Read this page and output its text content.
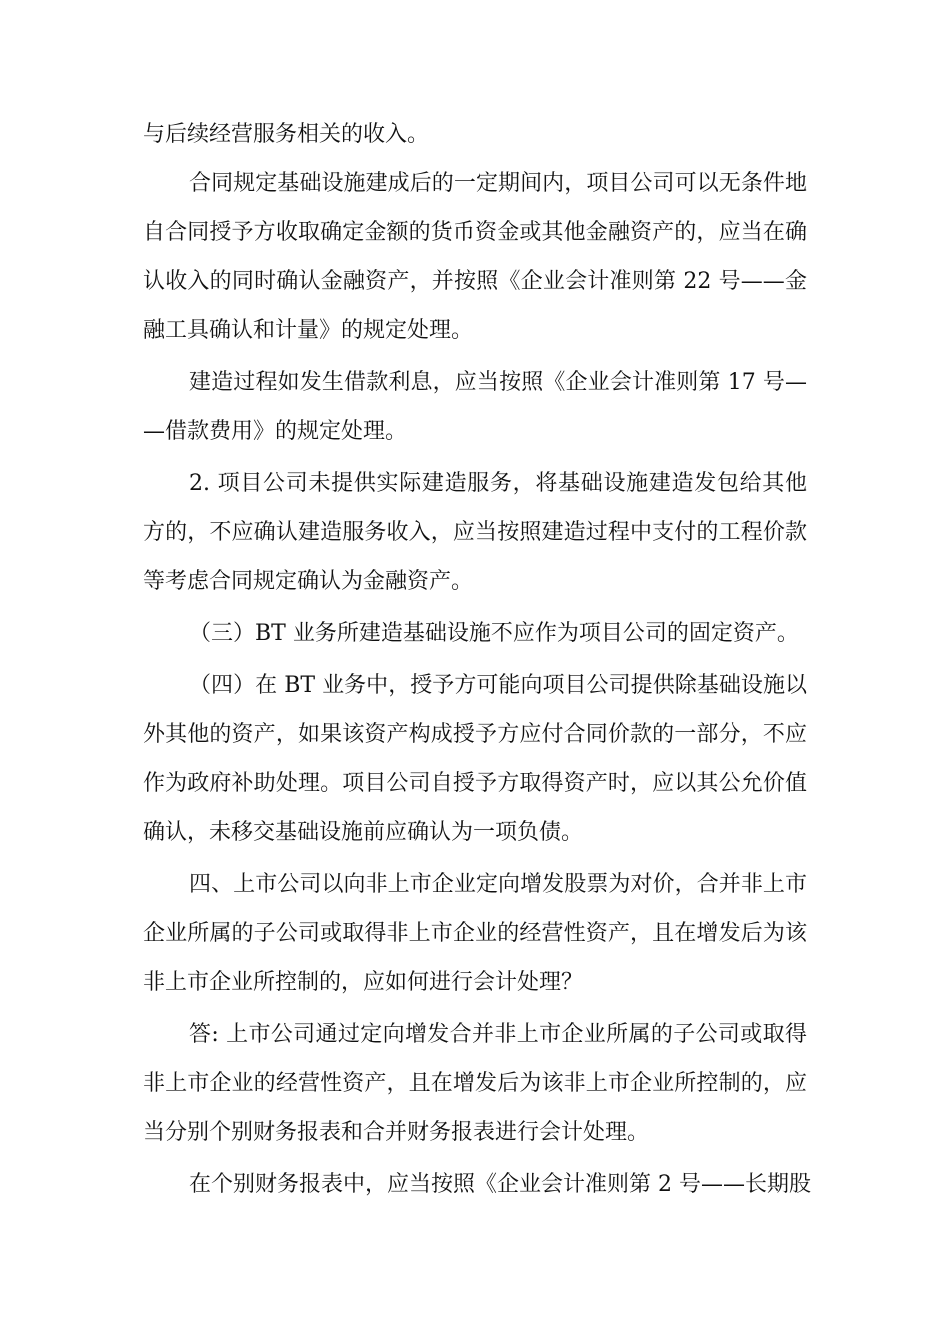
与后续经营服务相关的收入。
合同规定基础设施建成后的一定期间内，项目公司可以无条件地
自合同授予方收取确定金额的货币资金或其他金融资产的，应当在确
认收入的同时确认金融资产，并按照《企业会计准则第 22 号——金
融工具确认和计量》的规定处理。
建造过程如发生借款利息，应当按照《企业会计准则第 17 号—
—借款费用》的规定处理。
2. 项目公司未提供实际建造服务，将基础设施建造发包给其他
方的，不应确认建造服务收入，应当按照建造过程中支付的工程价款
等考虑合同规定确认为金融资产。
（三）BT 业务所建造基础设施不应作为项目公司的固定资产。
（四）在 BT 业务中，授予方可能向项目公司提供除基础设施以
外其他的资产，如果该资产构成授予方应付合同价款的一部分，不应
作为政府补助处理。项目公司自授予方取得资产时，应以其公允价值
确认，未移交基础设施前应确认为一项负债。
四、上市公司以向非上市企业定向增发股票为对价，合并非上市
企业所属的子公司或取得非上市企业的经营性资产，且在增发后为该
非上市企业所控制的，应如何进行会计处理？
答: 上市公司通过定向增发合并非上市企业所属的子公司或取得
非上市企业的经营性资产，且在增发后为该非上市企业所控制的，应
当分别个别财务报表和合并财务报表进行会计处理。
在个别财务报表中，应当按照《企业会计准则第 2 号——长期股
